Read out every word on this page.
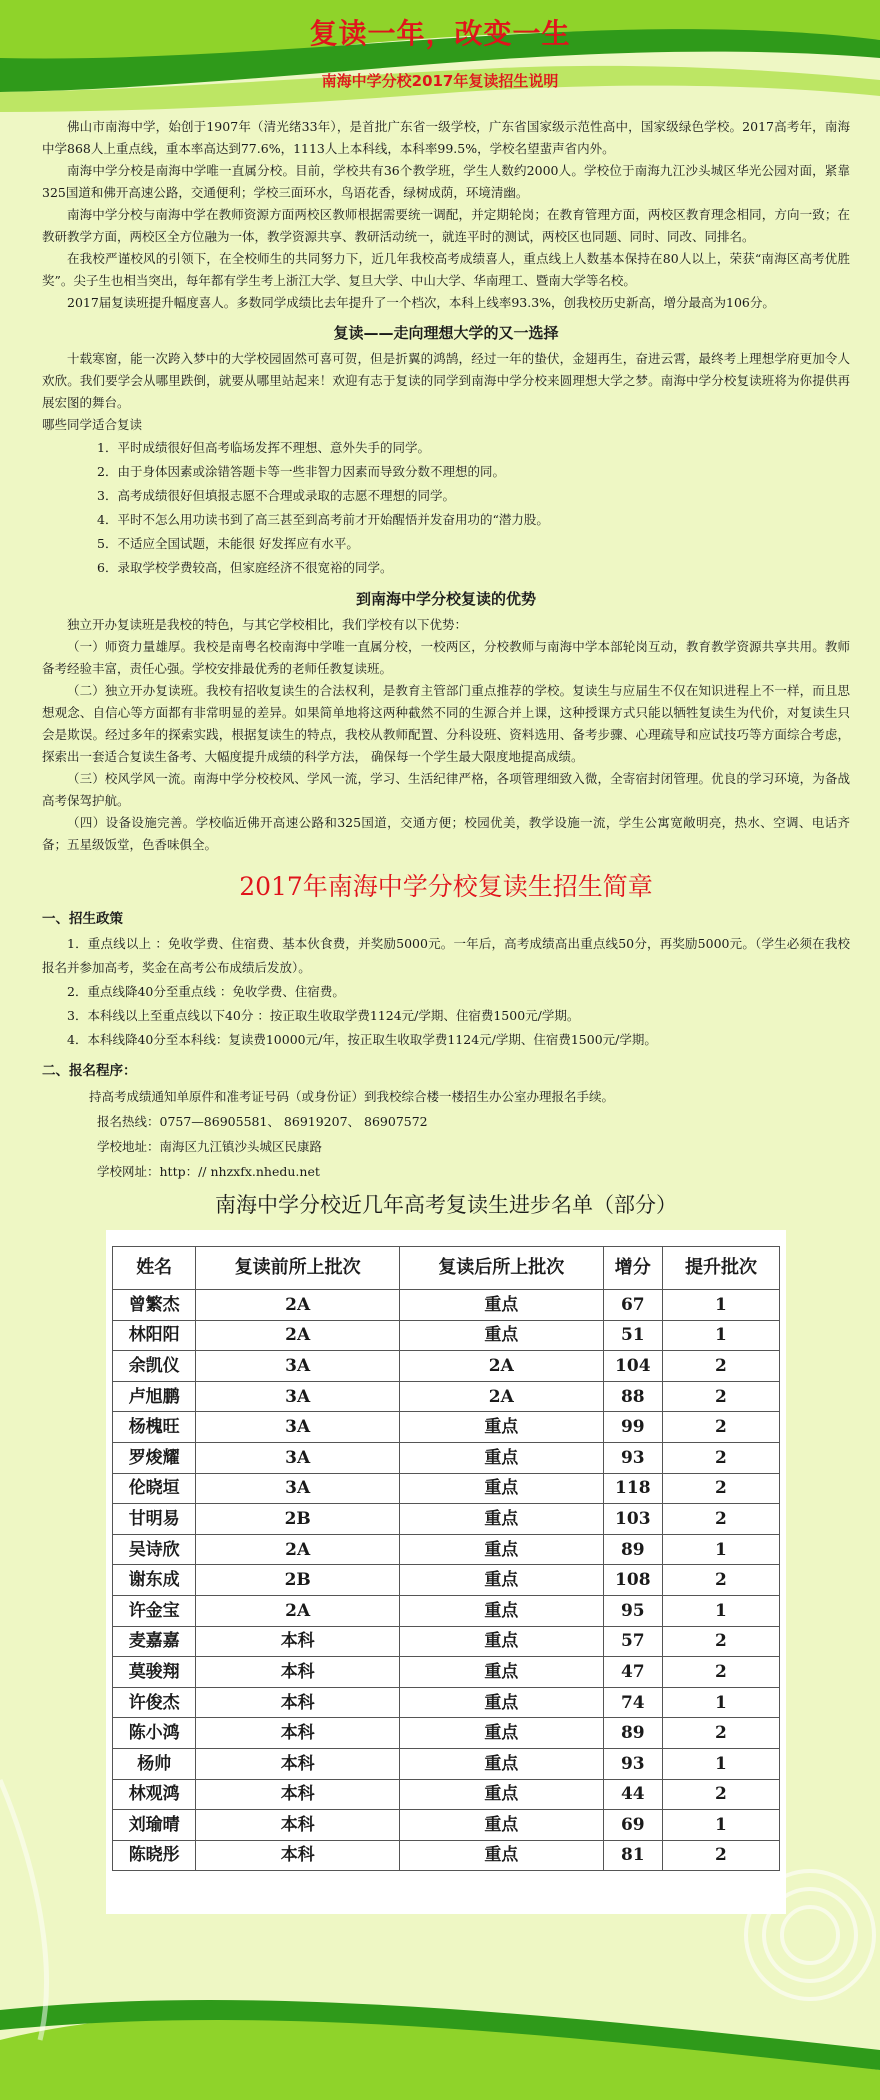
复读一年，改变一生
南海中学分校2017年复读招生说明

佛山市南海中学，始创于1907年（清光绪33年），是首批广东省一级学校，广东省国家级示范性高中，国家级绿色学校。2017高考年，南海中学868人上重点线，重本率高达到77.6%，1113人上本科线，本科率99.5%，学校名望蜚声省内外。

南海中学分校是南海中学唯一直属分校。目前，学校共有36个教学班，学生人数约2000人。学校位于南海九江沙头城区华光公园对面，紧靠325国道和佛开高速公路，交通便利；学校三面环水，鸟语花香，绿树成荫，环境清幽。

南海中学分校与南海中学在教师资源方面两校区教师根据需要统一调配，并定期轮岗；在教育管理方面，两校区教育理念相同，方向一致；在教研教学方面，两校区全方位融为一体，教学资源共享、教研活动统一，就连平时的测试，两校区也同题、同时、同改、同排名。

在我校严谨校风的引领下，在全校师生的共同努力下，近几年我校高考成绩喜人，重点线上人数基本保持在80人以上，荣获“南海区高考优胜奖”。尖子生也相当突出，每年都有学生考上浙江大学、复旦大学、中山大学、华南理工、暨南大学等名校。

2017届复读班提升幅度喜人。多数同学成绩比去年提升了一个档次，本科上线率93.3%，创我校历史新高，增分最高为106分。

复读——走向理想大学的又一选择

十载寒窗，能一次跨入梦中的大学校园固然可喜可贺，但是折翼的鸿鹄，经过一年的蛰伏，金翅再生，奋进云霄，最终考上理想学府更加令人欢欣。我们要学会从哪里跌倒，就要从哪里站起来！欢迎有志于复读的同学到南海中学分校来圆理想大学之梦。南海中学分校复读班将为你提供再展宏图的舞台。

哪些同学适合复读

1．平时成绩很好但高考临场发挥不理想、意外失手的同学。

2．由于身体因素或涂错答题卡等一些非智力因素而导致分数不理想的同。

3．高考成绩很好但填报志愿不合理或录取的志愿不理想的同学。

4．平时不怎么用功读书到了高三甚至到高考前才开始醒悟并发奋用功的“潜力股。

5．不适应全国试题，未能很 好发挥应有水平。

6．录取学校学费较高，但家庭经济不很宽裕的同学。

到南海中学分校复读的优势

独立开办复读班是我校的特色，与其它学校相比，我们学校有以下优势：

（一）师资力量雄厚。我校是南粤名校南海中学唯一直属分校，一校两区，分校教师与南海中学本部轮岗互动，教育教学资源共享共用。教师备考经验丰富，责任心强。学校安排最优秀的老师任教复读班。

（二）独立开办复读班。我校有招收复读生的合法权利，是教育主管部门重点推荐的学校。复读生与应届生不仅在知识进程上不一样，而且思想观念、自信心等方面都有非常明显的差异。如果简单地将这两种截然不同的生源合并上课，这种授课方式只能以牺牲复读生为代价，对复读生只会是欺误。经过多年的探索实践，根据复读生的特点，我校从教师配置、分科设班、资料选用、备考步骤、心理疏导和应试技巧等方面综合考虑，探索出一套适合复读生备考、大幅度提升成绩的科学方法， 确保每一个学生最大限度地提高成绩。

（三）校风学风一流。南海中学分校校风、学风一流，学习、生活纪律严格，各项管理细致入微，全寄宿封闭管理。优良的学习环境，为备战高考保驾护航。

（四）设备设施完善。学校临近佛开高速公路和325国道，交通方便；校园优美，教学设施一流，学生公寓宽敞明亮，热水、空调、电话齐备；五星级饭堂，色香味俱全。

2017年南海中学分校复读生招生简章
一、招生政策

1．重点线以上 ：免收学费、住宿费、基本伙食费，并奖励5000元。一年后，高考成绩高出重点线50分，再奖励5000元。（学生必须在我校报名并参加高考，奖金在高考公布成绩后发放）。

2．重点线降40分至重点线 ：免收学费、住宿费。

3．本科线以上至重点线以下40分 ：按正取生收取学费1124元/学期、住宿费1500元/学期。

4．本科线降40分至本科线：复读费10000元/年，按正取生收取学费1124元/学期、住宿费1500元/学期。

二、报名程序：

持高考成绩通知单原件和准考证号码（或身份证）到我校综合楼一楼招生办公室办理报名手续。

报名热线：0757—86905581、 86919207、 86907572

学校地址：南海区九江镇沙头城区民康路

学校网址：http：// nhzxfx.nhedu.net

南海中学分校近几年高考复读生进步名单（部分）
姓名	复读前所上批次	复读后所上批次	增分	提升批次
曾繁杰	2A	重点	67	1
林阳阳	2A	重点	51	1
余凯仪	3A	2A	104	2
卢旭鹏	3A	2A	88	2
杨槐旺	3A	重点	99	2
罗焌耀	3A	重点	93	2
伦晓垣	3A	重点	118	2
甘明易	2B	重点	103	2
吴诗欣	2A	重点	89	1
谢东成	2B	重点	108	2
许金宝	2A	重点	95	1
麦嘉嘉	本科	重点	57	2
莫骏翔	本科	重点	47	2
许俊杰	本科	重点	74	1
陈小鸿	本科	重点	89	2
杨帅	本科	重点	93	1
林观鸿	本科	重点	44	2
刘瑜晴	本科	重点	69	1
陈晓彤	本科	重点	81	2
